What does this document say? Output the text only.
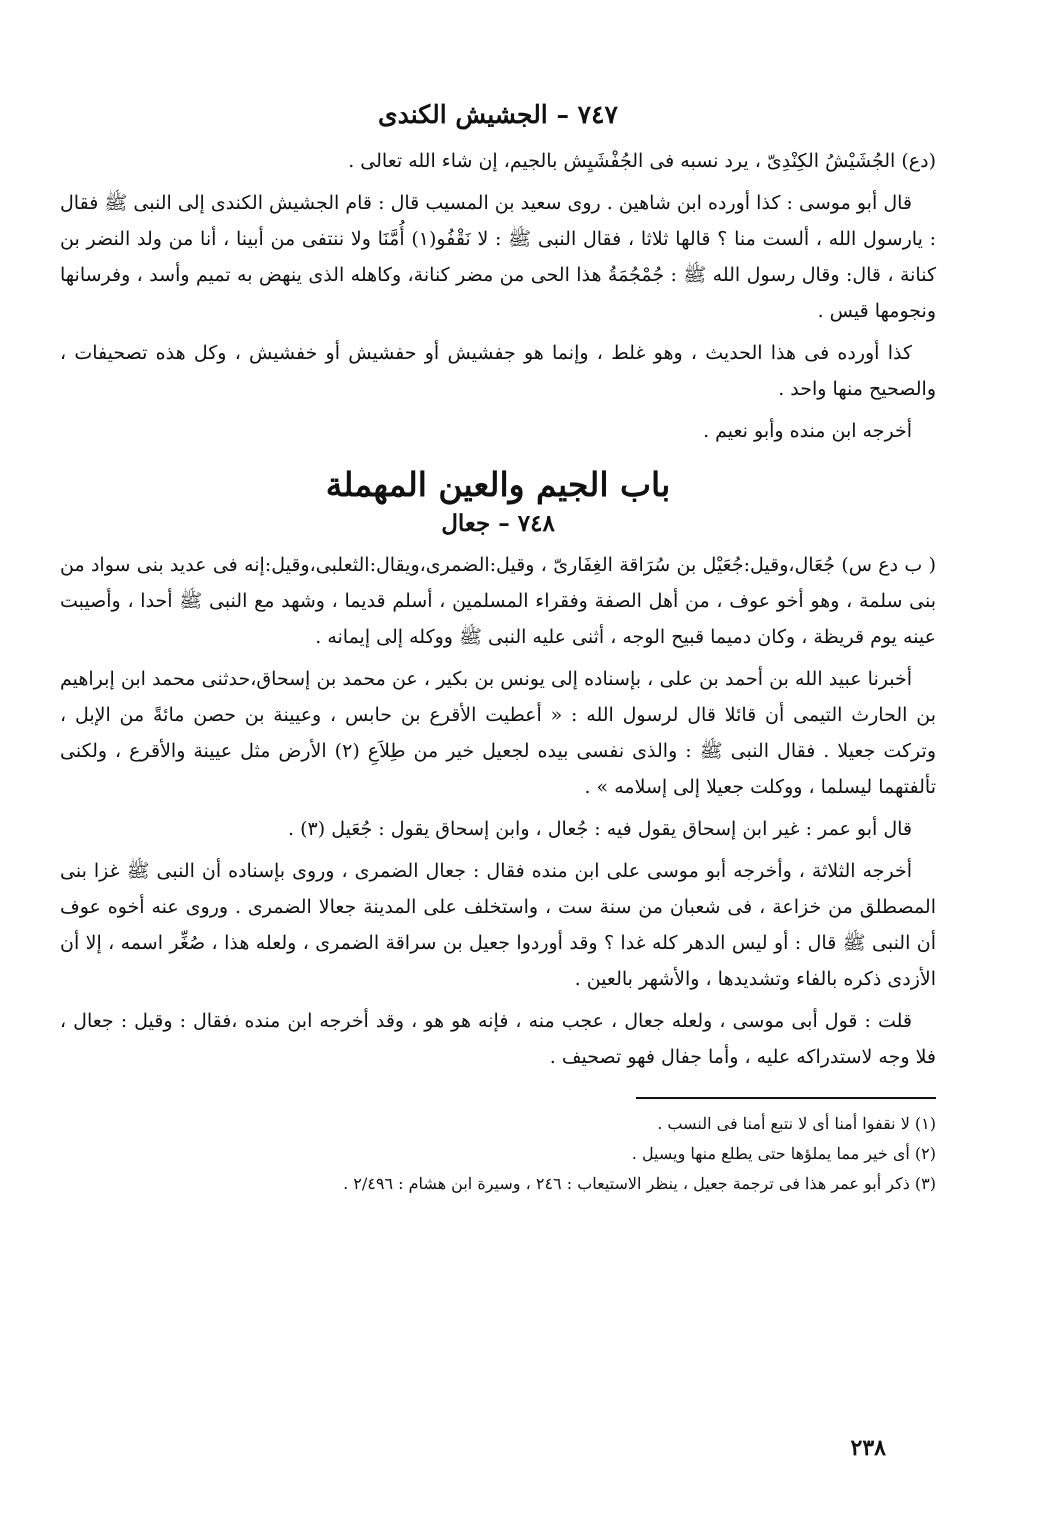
٧٤٧ – الجشيش الكندى

(دع) الجُشَيْشُ الكِنْدِىّ ، يرد نسبه فى الجُفْشَيِش بالجيم، إن شاء الله تعالى .

قال أبو موسى : كذا أورده ابن شاهين . روى سعيد بن المسيب قال : قام الجشيش الكندى إلى النبى ﷺ فقال : يارسول الله ، ألست منا ؟ قالها ثلاثا ، فقال النبى ﷺ : لا نَقْفُو(١) أُمَّنَا ولا ننتفى من أبينا ، أنا من ولد النضر بن كنانة ، قال: وقال رسول الله ﷺ : جُمْجُمَةُ هذا الحى من مضر كنانة، وكاهله الذى ينهض به تميم وأسد ، وفرسانها ونجومها قيس .

كذا أورده فى هذا الحديث ، وهو غلط ، وإنما هو جفشيش أو حفشيش أو خفشيش ، وكل هذه تصحيفات ، والصحيح منها واحد .

أخرجه ابن منده وأبو نعيم .

باب الجيم والعين المهملة
٧٤٨ – جعال

( ب دع س) جُعَال،وقيل:جُعَيْل بن سُرَاقة الغِفَارىّ ، وقيل:الضمرى،ويقال:الثعلبى،وقيل:إنه فى عديد بنى سواد من بنى سلمة ، وهو أخو عوف ، من أهل الصفة وفقراء المسلمين ، أسلم قديما ، وشهد مع النبى ﷺ أحدا ، وأصيبت عينه يوم قريظة ، وكان دميما قبيح الوجه ، أثنى عليه النبى ﷺ ووكله إلى إيمانه .

أخبرنا عبيد الله بن أحمد بن على ، بإسناده إلى يونس بن بكير ، عن محمد بن إسحاق،حدثنى محمد ابن إبراهيم بن الحارث التيمى أن قائلا قال لرسول الله : « أعطيت الأقرع بن حابس ، وعيينة بن حصن مائةً من الإبل ، وتركت جعيلا . فقال النبى ﷺ : والذى نفسى بيده لجعيل خير من طِلاَعِ (٢) الأرض مثل عيينة والأقرع ، ولكنى تألفتهما ليسلما ، ووكلت جعيلا إلى إسلامه » .

قال أبو عمر : غير ابن إسحاق يقول فيه : جُعال ، وابن إسحاق يقول : جُعَيل (٣) .

أخرجه الثلاثة ، وأخرجه أبو موسى على ابن منده فقال : جعال الضمرى ، وروى بإسناده أن النبى ﷺ غزا بنى المصطلق من خزاعة ، فى شعبان من سنة ست ، واستخلف على المدينة جعالا الضمرى . وروى عنه أخوه عوف أن النبى ﷺ قال : أو ليس الدهر كله غدا ؟ وقد أوردوا جعيل بن سراقة الضمرى ، ولعله هذا ، صُغِّر اسمه ، إلا أن الأزدى ذكره بالفاء وتشديدها ، والأشهر بالعين .

قلت : قول أبى موسى ، ولعله جعال ، عجب منه ، فإنه هو هو ، وقد أخرجه ابن منده ،فقال : وقيل : جعال ، فلا وجه لاستدراكه عليه ، وأما جفال فهو تصحيف .

(١) لا نقفوا أمنا أى لا نتبع أمنا فى النسب .

(٢) أى خير مما يملؤها حتى يطلع منها ويسيل .

(٣) ذكر أبو عمر هذا فى ترجمة جعيل ، ينظر الاستيعاب : ٢٤٦ ، وسيرة ابن هشام : ٢/٤٩٦ .

٢٣٨
